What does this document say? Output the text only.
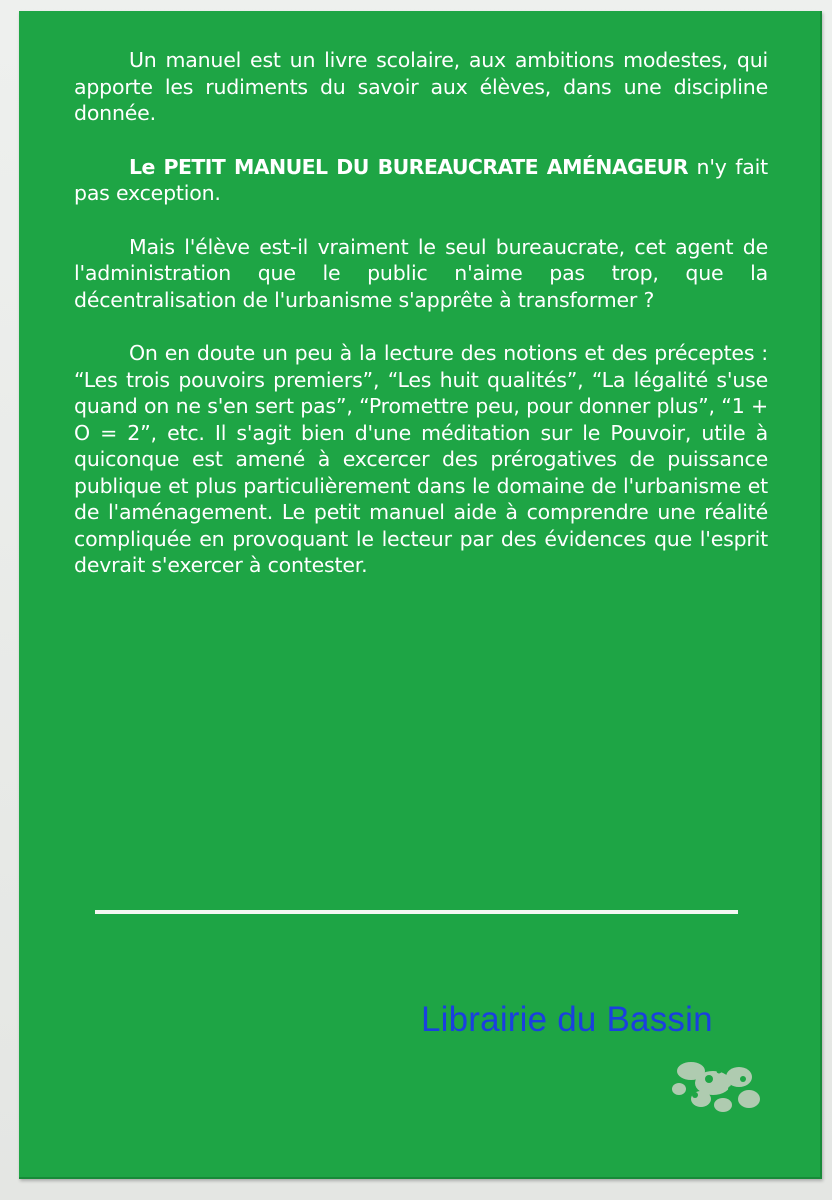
Un manuel est un livre scolaire, aux ambitions modestes, qui apporte les rudiments du savoir aux élèves, dans une discipline donnée.

Le PETIT MANUEL DU BUREAUCRATE AMÉNAGEUR n'y fait pas exception.

Mais l'élève est-il vraiment le seul bureaucrate, cet agent de l'administration que le public n'aime pas trop, que la décentralisation de l'urbanisme s'apprête à transformer ?

On en doute un peu à la lecture des notions et des préceptes : “Les trois pouvoirs premiers”, “Les huit qualités”, “La légalité s'use quand on ne s'en sert pas”, “Promettre peu, pour donner plus”, “1 + O = 2”, etc. Il s'agit bien d'une méditation sur le Pouvoir, utile à quiconque est amené à excercer des prérogatives de puissance publique et plus particulièrement dans le domaine de l'urbanisme et de l'aménagement. Le petit manuel aide à comprendre une réalité compliquée en provoquant le lecteur par des évidences que l'esprit devrait s'exercer à contester.

Librairie du Bassin
